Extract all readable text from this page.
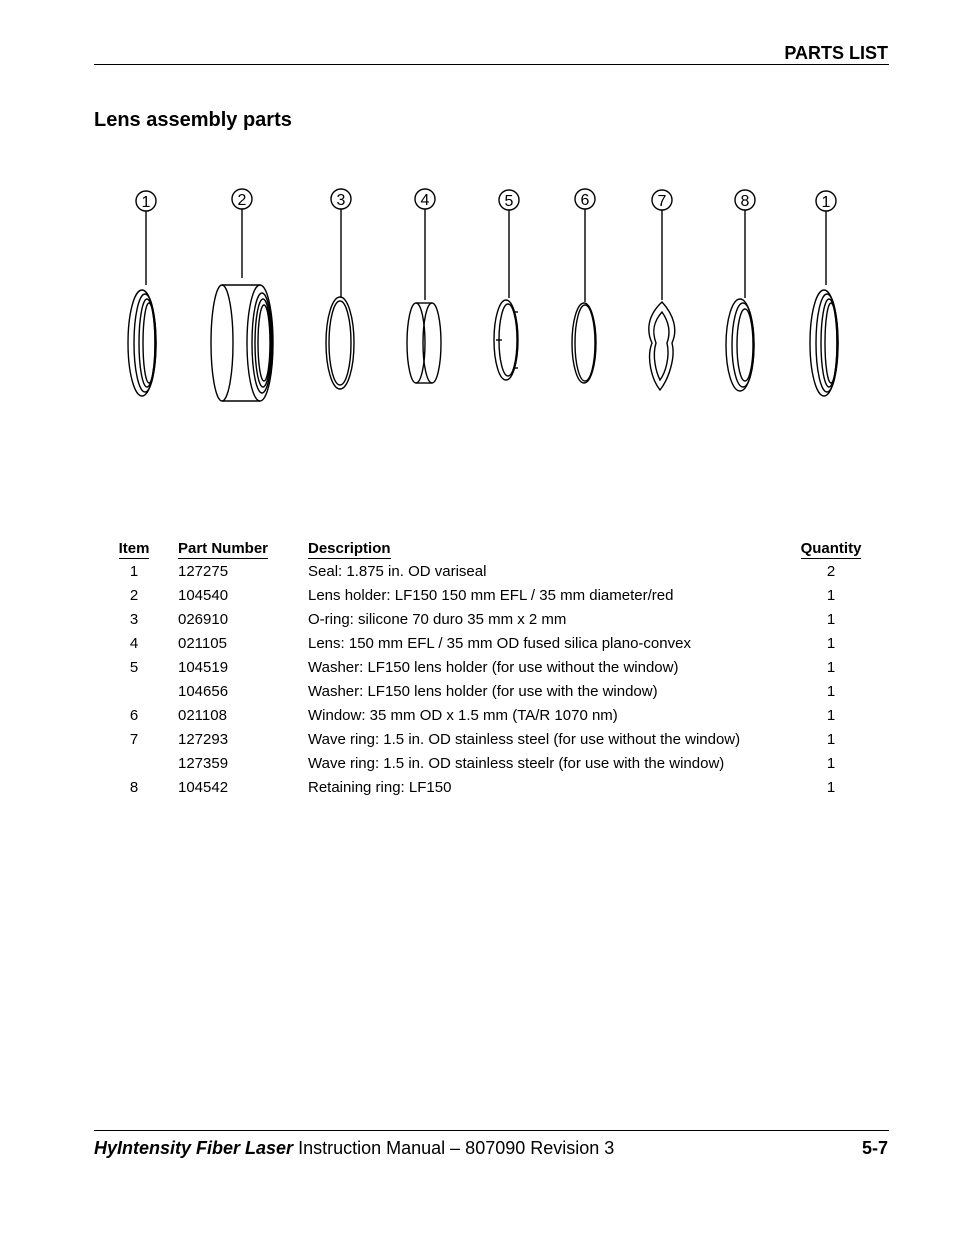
PARTS LIST
Lens assembly parts
1	2	3	4	5	6	7	8	1
Item	Part Number	Description	Quantity
1	127275	Seal: 1.875 in. OD variseal	2
2	104540	Lens holder: LF150 150 mm EFL / 35 mm diameter/red	1
3	026910	O-ring: silicone 70 duro 35 mm x 2 mm	1
4	021105	Lens: 150 mm EFL / 35 mm OD fused silica plano-convex	1
5	104519	Washer: LF150 lens holder (for use without the window)	1
	104656	Washer: LF150 lens holder (for use with the window)	1
6	021108	Window: 35 mm OD x 1.5 mm (TA/R 1070 nm)	1
7	127293	Wave ring: 1.5 in. OD stainless steel (for use without the window)	1
	127359	Wave ring: 1.5 in. OD stainless steelr (for use with the window)	1
8	104542	Retaining ring: LF150	1
HyIntensity Fiber Laser Instruction Manual – 807090 Revision 3	5-7
